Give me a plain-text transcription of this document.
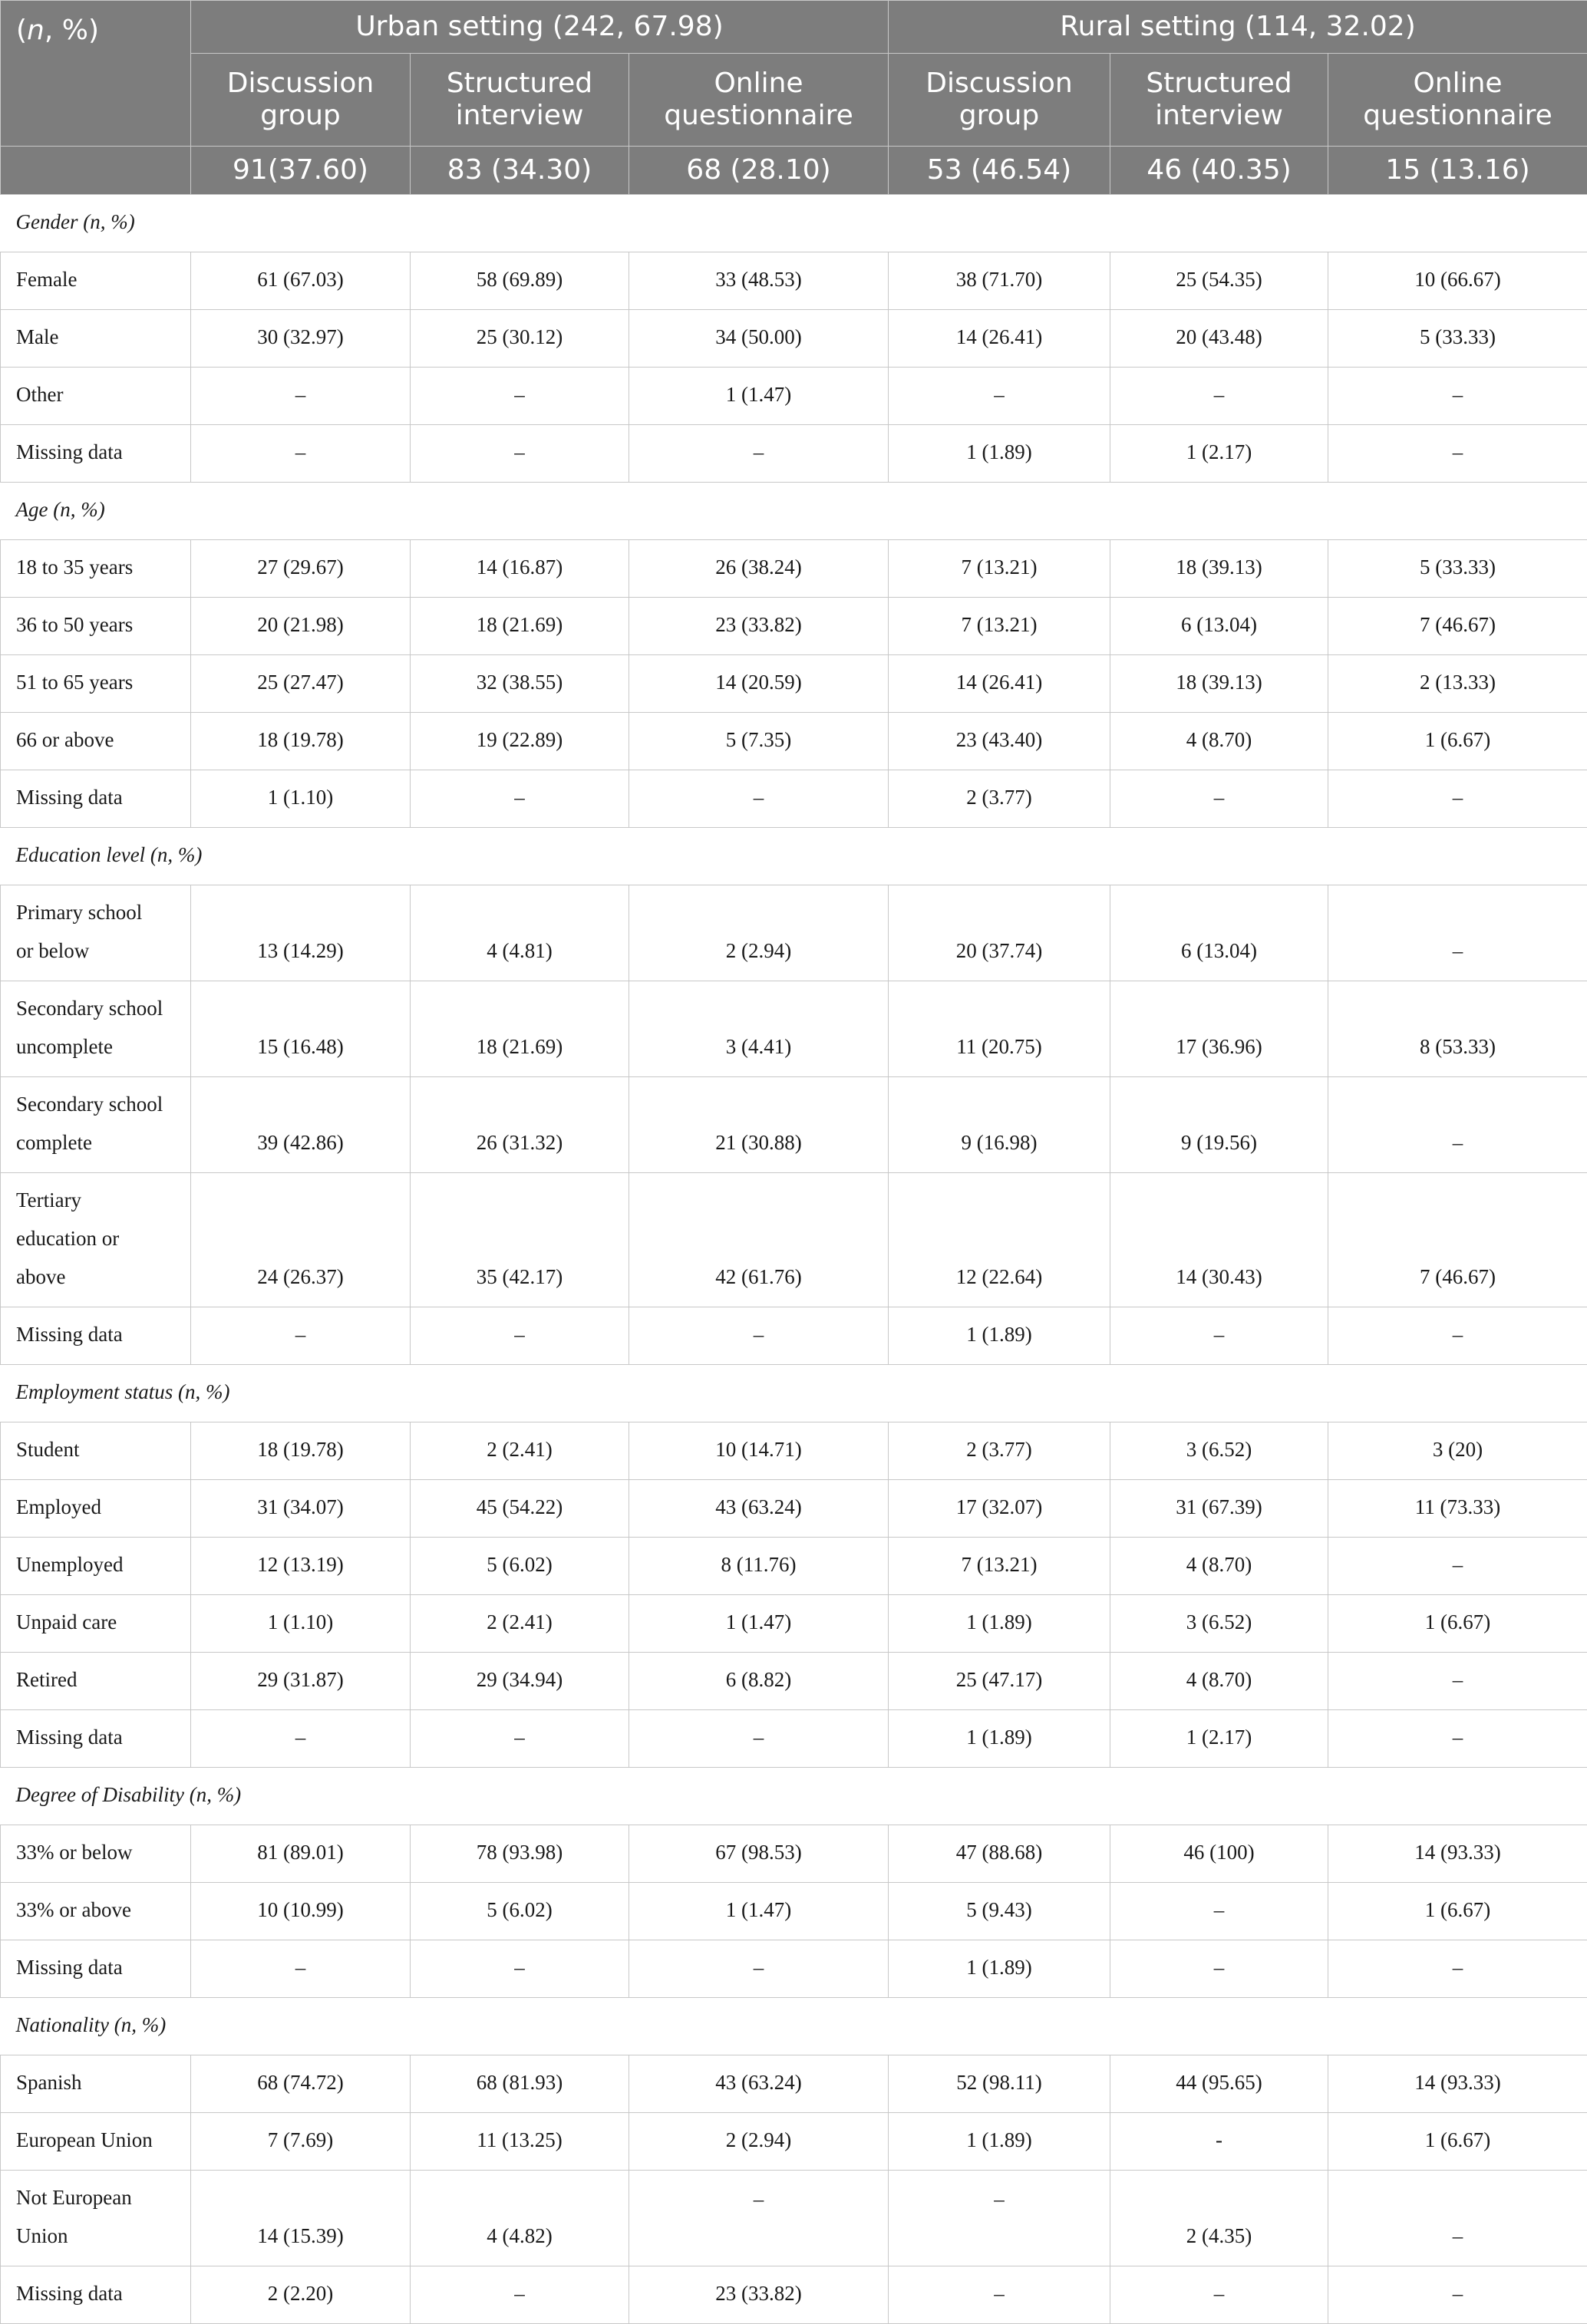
(n, %)	Urban setting (242, 67.98)			Rural setting (114, 32.02)		
	Discussion group	Structured interview	Online questionnaire	Discussion group	Structured interview	Online questionnaire
	91(37.60)	83 (34.30)	68 (28.10)	53 (46.54)	46 (40.35)	15 (13.16)
Gender (n, %)						
Female	61 (67.03)	58 (69.89)	33 (48.53)	38 (71.70)	25 (54.35)	10 (66.67)
Male	30 (32.97)	25 (30.12)	34 (50.00)	14 (26.41)	20 (43.48)	5 (33.33)
Other	–	–	1 (1.47)	–	–	–
Missing data	–	–	–	1 (1.89)	1 (2.17)	–
Age (n, %)						
18 to 35 years	27 (29.67)	14 (16.87)	26 (38.24)	7 (13.21)	18 (39.13)	5 (33.33)
36 to 50 years	20 (21.98)	18 (21.69)	23 (33.82)	7 (13.21)	6 (13.04)	7 (46.67)
51 to 65 years	25 (27.47)	32 (38.55)	14 (20.59)	14 (26.41)	18 (39.13)	2 (13.33)
66 or above	18 (19.78)	19 (22.89)	5 (7.35)	23 (43.40)	4 (8.70)	1 (6.67)
Missing data	1 (1.10)	–	–	2 (3.77)	–	–
Education level (n, %)						
Primary school
or below	13 (14.29)	4 (4.81)	2 (2.94)	20 (37.74)	6 (13.04)	–
Secondary school
uncomplete	15 (16.48)	18 (21.69)	3 (4.41)	11 (20.75)	17 (36.96)	8 (53.33)
Secondary school
complete	39 (42.86)	26 (31.32)	21 (30.88)	9 (16.98)	9 (19.56)	–
Tertiary
education or
above	24 (26.37)	35 (42.17)	42 (61.76)	12 (22.64)	14 (30.43)	7 (46.67)
Missing data	–	–	–	1 (1.89)	–	–
Employment status (n, %)						
Student	18 (19.78)	2 (2.41)	10 (14.71)	2 (3.77)	3 (6.52)	3 (20)
Employed	31 (34.07)	45 (54.22)	43 (63.24)	17 (32.07)	31 (67.39)	11 (73.33)
Unemployed	12 (13.19)	5 (6.02)	8 (11.76)	7 (13.21)	4 (8.70)	–
Unpaid care	1 (1.10)	2 (2.41)	1 (1.47)	1 (1.89)	3 (6.52)	1 (6.67)
Retired	29 (31.87)	29 (34.94)	6 (8.82)	25 (47.17)	4 (8.70)	–
Missing data	–	–	–	1 (1.89)	1 (2.17)	–
Degree of Disability (n, %)						
33% or below	81 (89.01)	78 (93.98)	67 (98.53)	47 (88.68)	46 (100)	14 (93.33)
33% or above	10 (10.99)	5 (6.02)	1 (1.47)	5 (9.43)	–	1 (6.67)
Missing data	–	–	–	1 (1.89)	–	–
Nationality (n, %)						
Spanish	68 (74.72)	68 (81.93)	43 (63.24)	52 (98.11)	44 (95.65)	14 (93.33)
European Union	7 (7.69)	11 (13.25)	2 (2.94)	1 (1.89)	-	1 (6.67)
Not European
Union	14 (15.39)	4 (4.82)	–	–	2 (4.35)	–
Missing data	2 (2.20)	–	23 (33.82)	–	–	–
